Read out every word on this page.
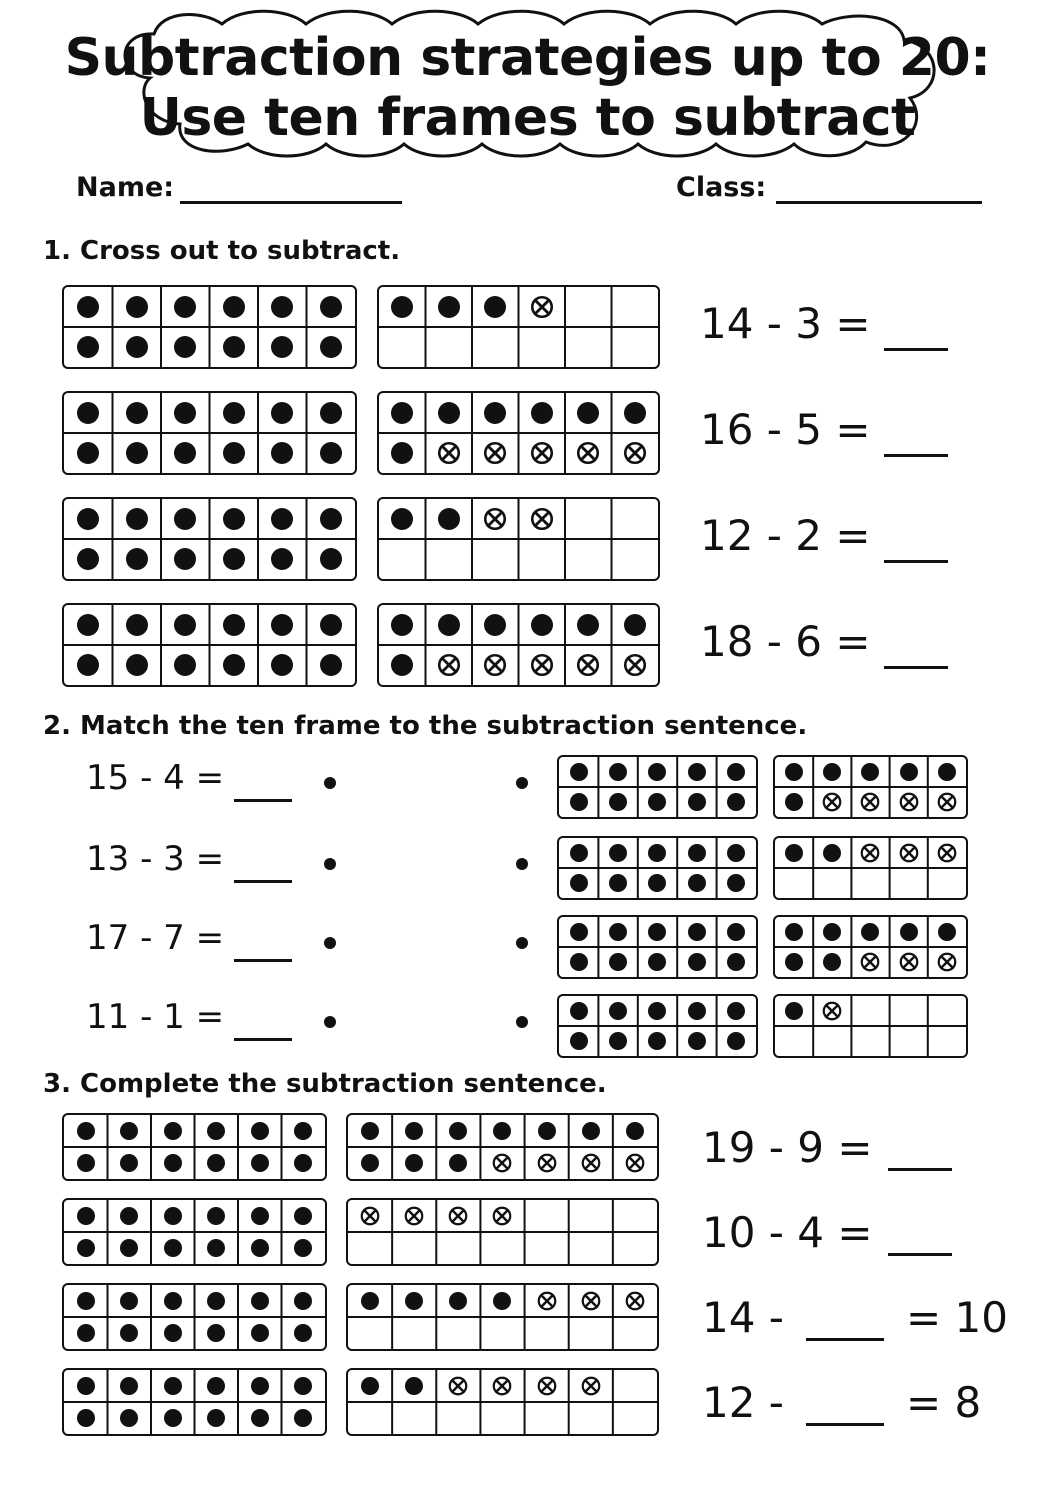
Subtraction strategies up to 20:
Use ten frames to subtract
Name:	Class:
1. Cross out to subtract.
14 - 3 =
16 - 5 =
12 - 2 =
18 - 6 =
2. Match the ten frame to the subtraction sentence.
15 - 4 =
13 - 3 =
17 - 7 =
11 - 1 =
3. Complete the subtraction sentence.
19 - 9 =
10 - 4 =
14 -	= 10
12 -	= 8
